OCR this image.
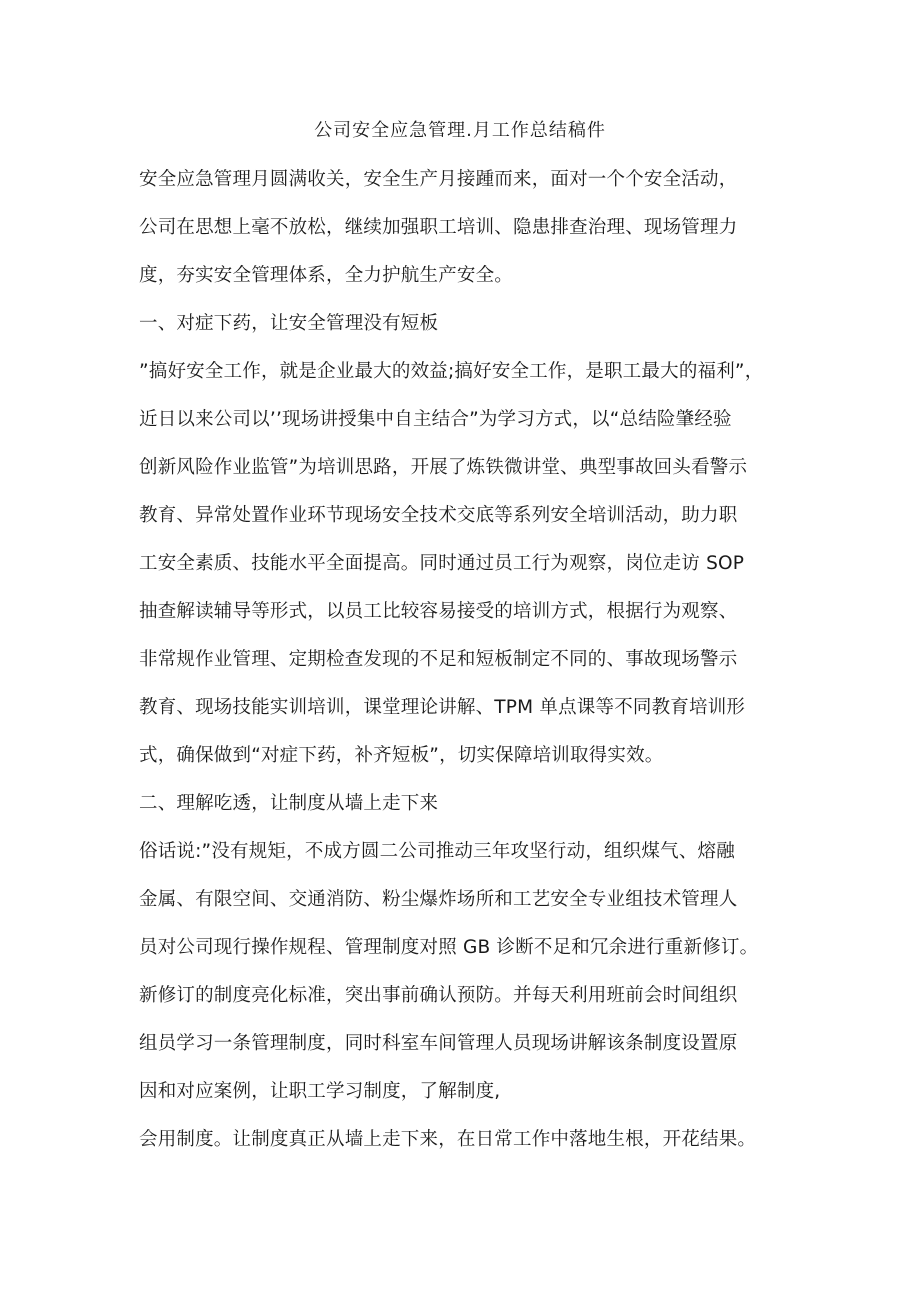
公司安全应急管理.月工作总结稿件
安全应急管理月圆满收关，安全生产月接踵而来，面对一个个安全活动，
公司在思想上毫不放松，继续加强职工培训、隐患排查治理、现场管理力
度，夯实安全管理体系，全力护航生产安全。
一、对症下药，让安全管理没有短板
”搞好安全工作，就是企业最大的效益;搞好安全工作，是职工最大的福利”，
近日以来公司以’’现场讲授集中自主结合”为学习方式，以“总结险肇经验
创新风险作业监管”为培训思路，开展了炼铁微讲堂、典型事故回头看警示
教育、异常处置作业环节现场安全技术交底等系列安全培训活动，助力职
工安全素质、技能水平全面提高。同时通过员工行为观察，岗位走访 SOP
抽查解读辅导等形式，以员工比较容易接受的培训方式，根据行为观察、
非常规作业管理、定期检查发现的不足和短板制定不同的、事故现场警示
教育、现场技能实训培训，课堂理论讲解、TPM 单点课等不同教育培训形
式，确保做到“对症下药，补齐短板”，切实保障培训取得实效。
二、理解吃透，让制度从墙上走下来
俗话说:”没有规矩，不成方圆二公司推动三年攻坚行动，组织煤气、熔融
金属、有限空间、交通消防、粉尘爆炸场所和工艺安全专业组技术管理人
员对公司现行操作规程、管理制度对照 GB 诊断不足和冗余进行重新修订。
新修订的制度亮化标准，突出事前确认预防。并每天利用班前会时间组织
组员学习一条管理制度，同时科室车间管理人员现场讲解该条制度设置原
因和对应案例，让职工学习制度，了解制度,
会用制度。让制度真正从墙上走下来，在日常工作中落地生根，开花结果。
